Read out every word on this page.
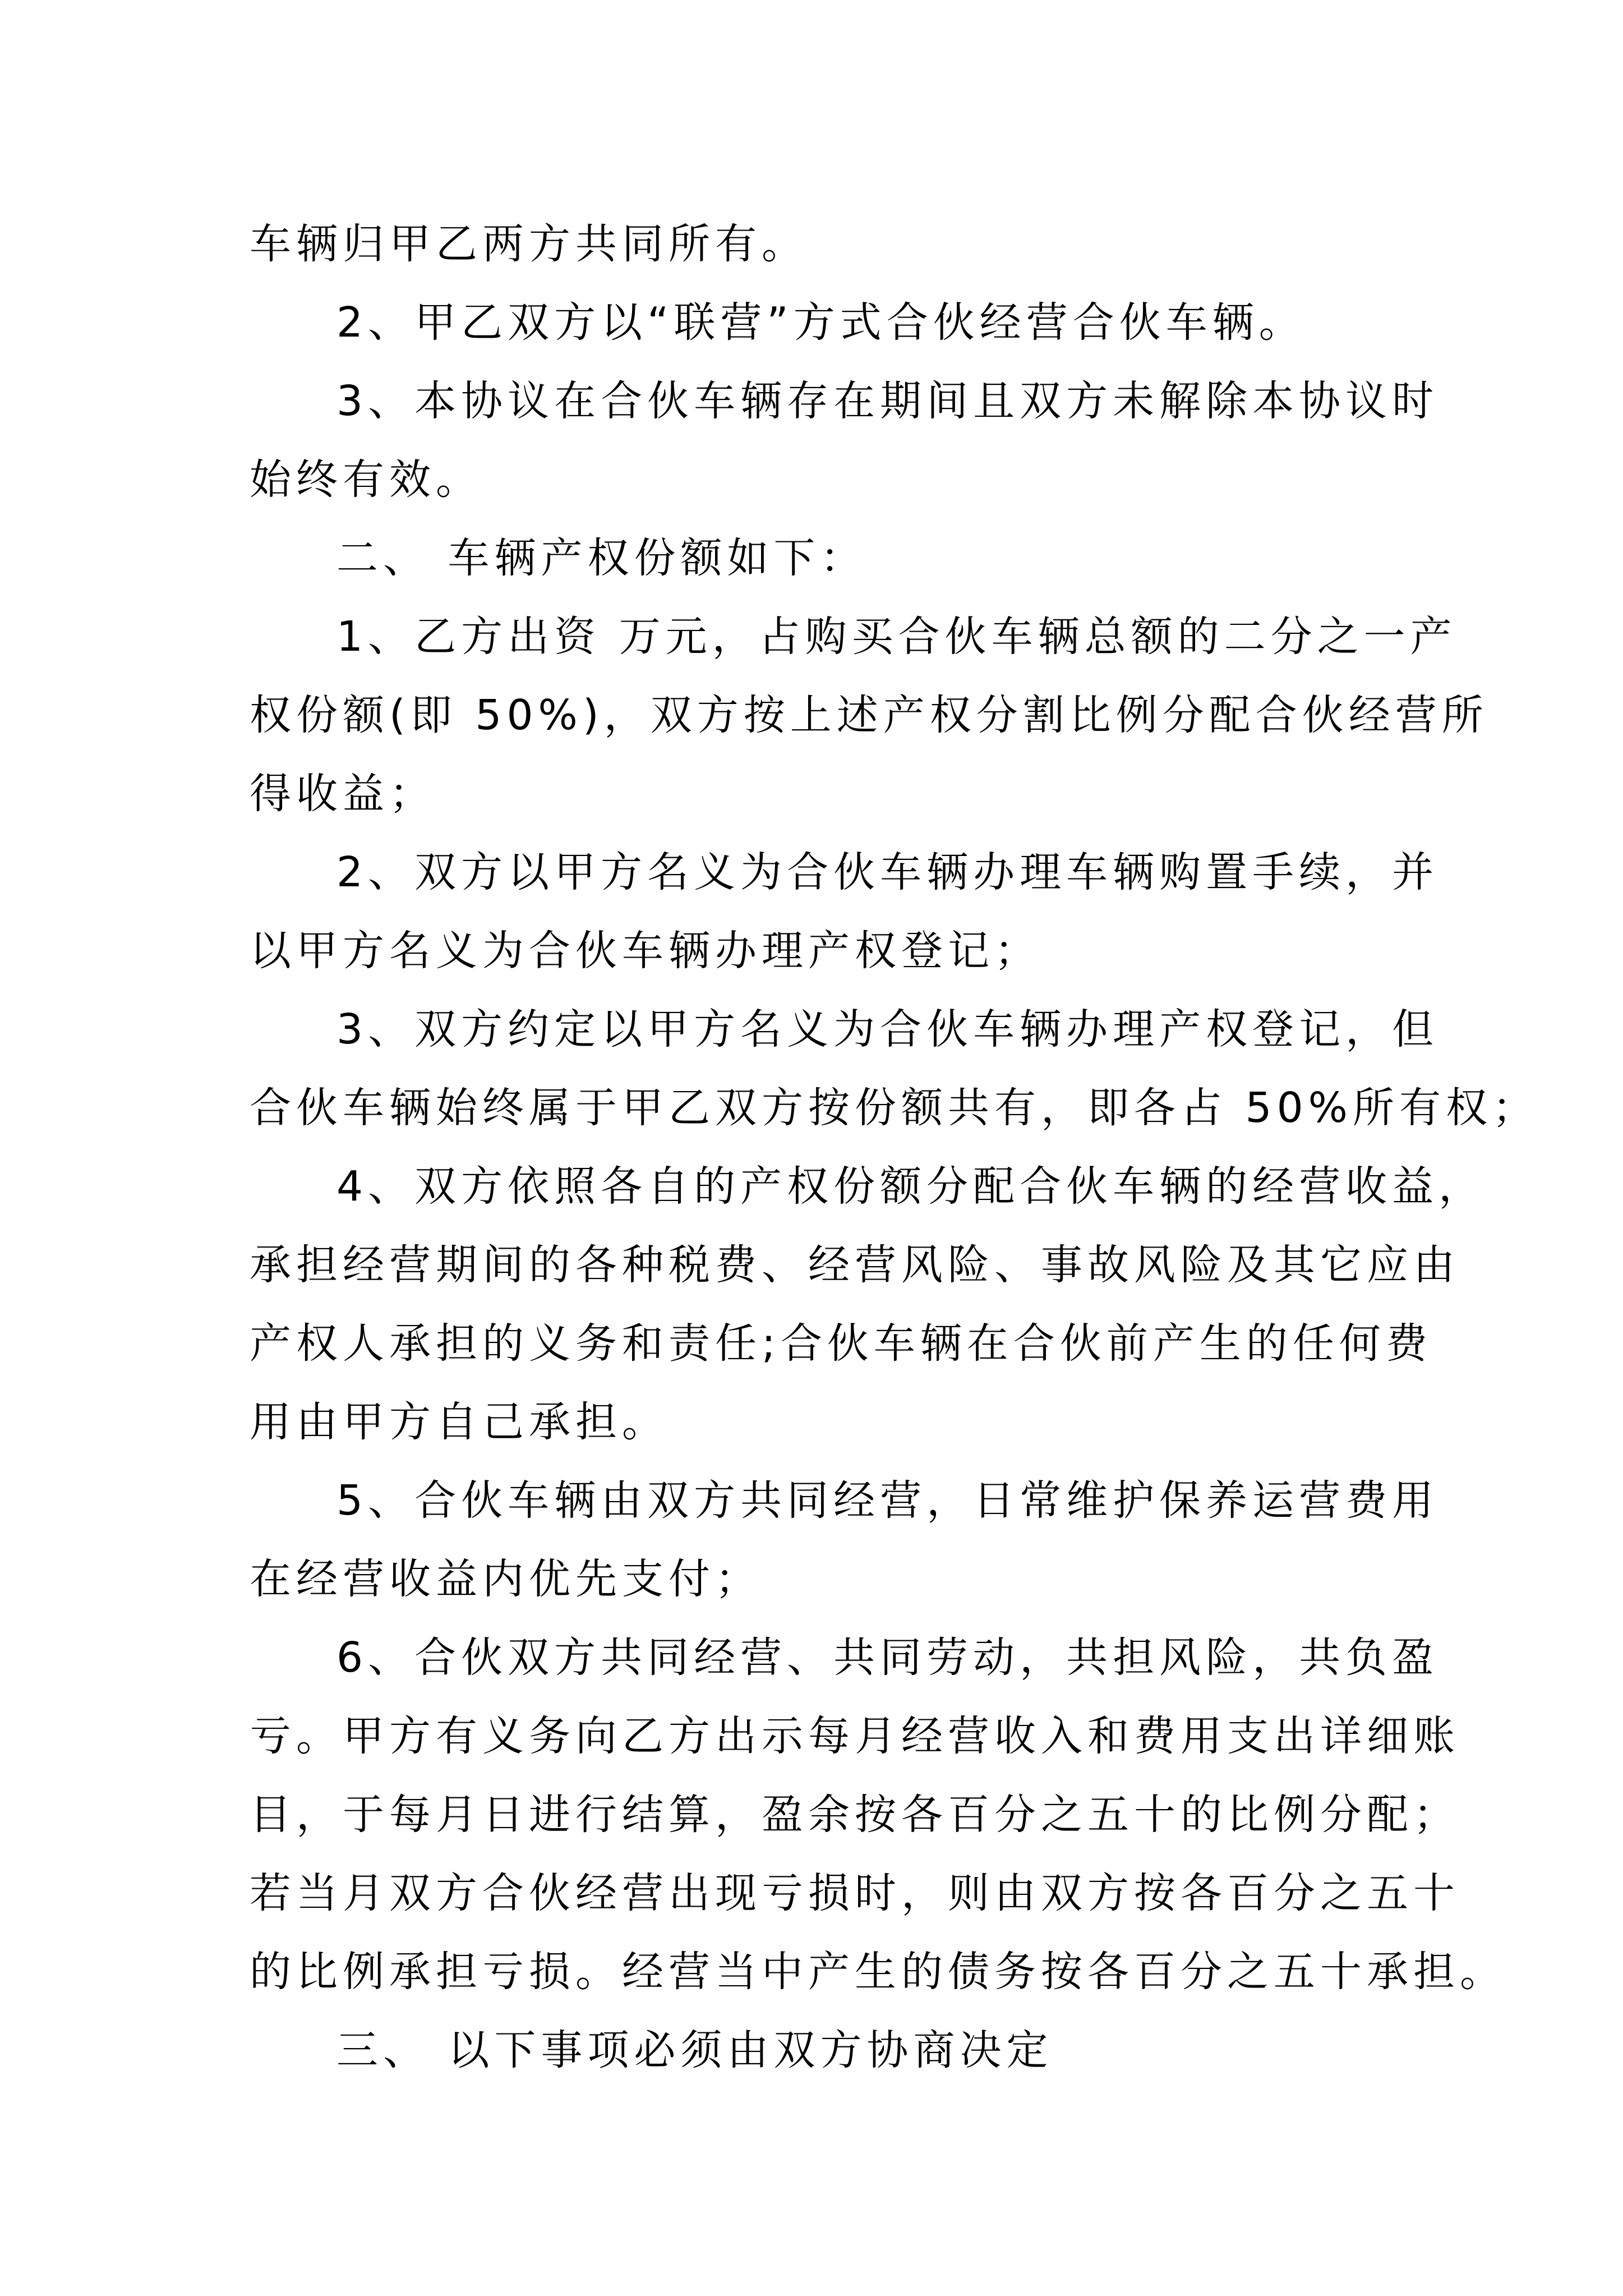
车辆归甲乙两方共同所有。
2、甲乙双方以“联营”方式合伙经营合伙车辆。
3、本协议在合伙车辆存在期间且双方未解除本协议时
始终有效。
二、 车辆产权份额如下：
1、乙方出资 万元，占购买合伙车辆总额的二分之一产
权份额(即 50%)，双方按上述产权分割比例分配合伙经营所
得收益；
2、双方以甲方名义为合伙车辆办理车辆购置手续，并
以甲方名义为合伙车辆办理产权登记；
3、双方约定以甲方名义为合伙车辆办理产权登记，但
合伙车辆始终属于甲乙双方按份额共有，即各占 50%所有权；
4、双方依照各自的产权份额分配合伙车辆的经营收益，
承担经营期间的各种税费、经营风险、事故风险及其它应由
产权人承担的义务和责任;合伙车辆在合伙前产生的任何费
用由甲方自己承担。
5、合伙车辆由双方共同经营，日常维护保养运营费用
在经营收益内优先支付；
6、合伙双方共同经营、共同劳动，共担风险，共负盈
亏。甲方有义务向乙方出示每月经营收入和费用支出详细账
目，于每月日进行结算，盈余按各百分之五十的比例分配；
若当月双方合伙经营出现亏损时，则由双方按各百分之五十
的比例承担亏损。经营当中产生的债务按各百分之五十承担。
三、 以下事项必须由双方协商决定
